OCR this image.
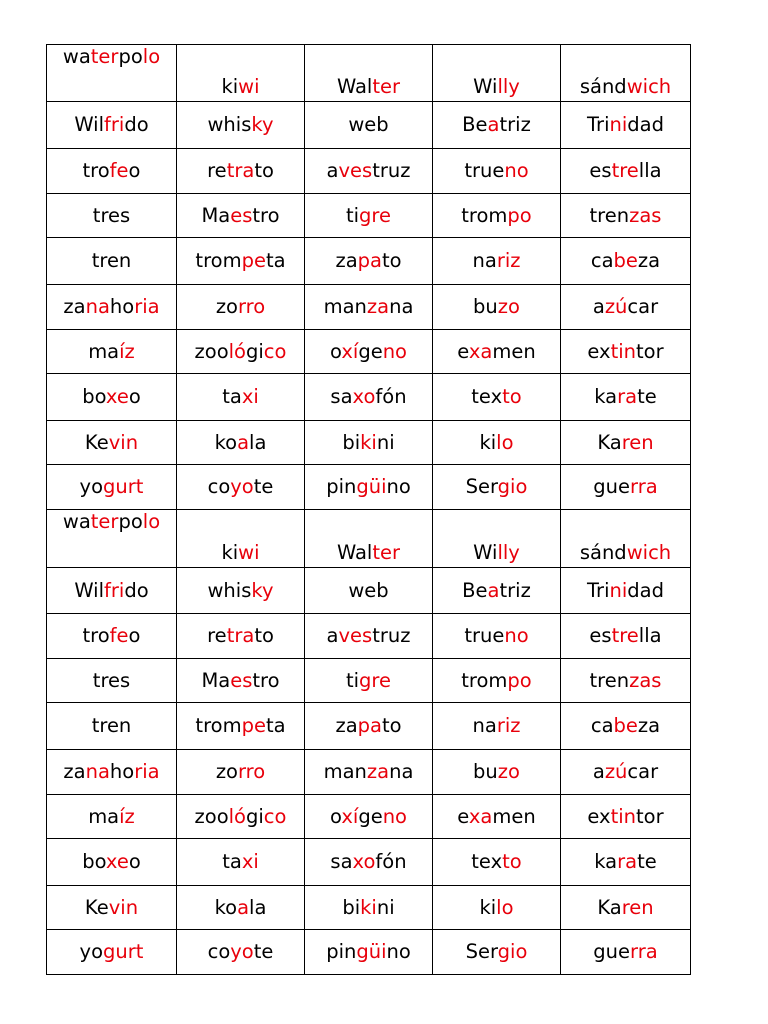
waterpolo	kiwi	Walter	Willy	sándwich
Wilfrido	whisky	web	Beatriz	Trinidad
trofeo	retrato	avestruz	trueno	estrella
tres	Maestro	tigre	trompo	trenzas
tren	trompeta	zapato	nariz	cabeza
zanahoria	zorro	manzana	buzo	azúcar
maíz	zoológico	oxígeno	examen	extintor
boxeo	taxi	saxofón	texto	karate
Kevin	koala	bikini	kilo	Karen
yogurt	coyote	pingüino	Sergio	guerra
waterpolo	kiwi	Walter	Willy	sándwich
Wilfrido	whisky	web	Beatriz	Trinidad
trofeo	retrato	avestruz	trueno	estrella
tres	Maestro	tigre	trompo	trenzas
tren	trompeta	zapato	nariz	cabeza
zanahoria	zorro	manzana	buzo	azúcar
maíz	zoológico	oxígeno	examen	extintor
boxeo	taxi	saxofón	texto	karate
Kevin	koala	bikini	kilo	Karen
yogurt	coyote	pingüino	Sergio	guerra
